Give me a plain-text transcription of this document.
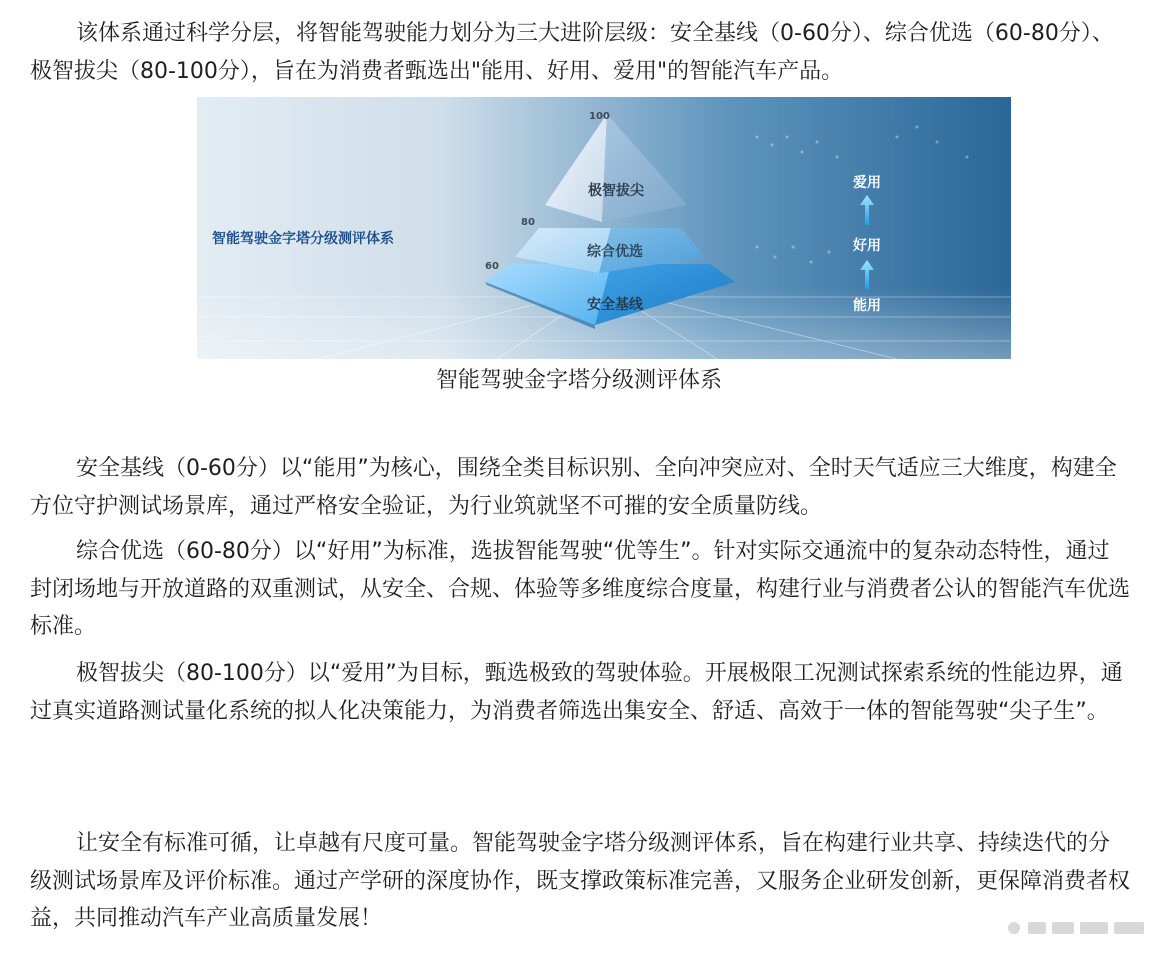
该体系通过科学分层，将智能驾驶能力划分为三大进阶层级：安全基线（0-60分）、综合优选（60-80分）、极智拔尖（80-100分），旨在为消费者甄选出"能用、好用、爱用"的智能汽车产品。

100
80
60
极智拔尖
综合优选
安全基线
智能驾驶金字塔分级测评体系
爱用
好用
能用

智能驾驶金字塔分级测评体系

安全基线（0-60分）以“能用”为核心，围绕全类目标识别、全向冲突应对、全时天气适应三大维度，构建全方位守护测试场景库，通过严格安全验证，为行业筑就坚不可摧的安全质量防线。

综合优选（60-80分）以“好用”为标准，选拔智能驾驶“优等生”。针对实际交通流中的复杂动态特性，通过封闭场地与开放道路的双重测试，从安全、合规、体验等多维度综合度量，构建行业与消费者公认的智能汽车优选标准。

极智拔尖（80-100分）以“爱用”为目标，甄选极致的驾驶体验。开展极限工况测试探索系统的性能边界，通过真实道路测试量化系统的拟人化决策能力，为消费者筛选出集安全、舒适、高效于一体的智能驾驶“尖子生”。

让安全有标准可循，让卓越有尺度可量。智能驾驶金字塔分级测评体系，旨在构建行业共享、持续迭代的分级测试场景库及评价标准。通过产学研的深度协作，既支撑政策标准完善，又服务企业研发创新，更保障消费者权益，共同推动汽车产业高质量发展！
